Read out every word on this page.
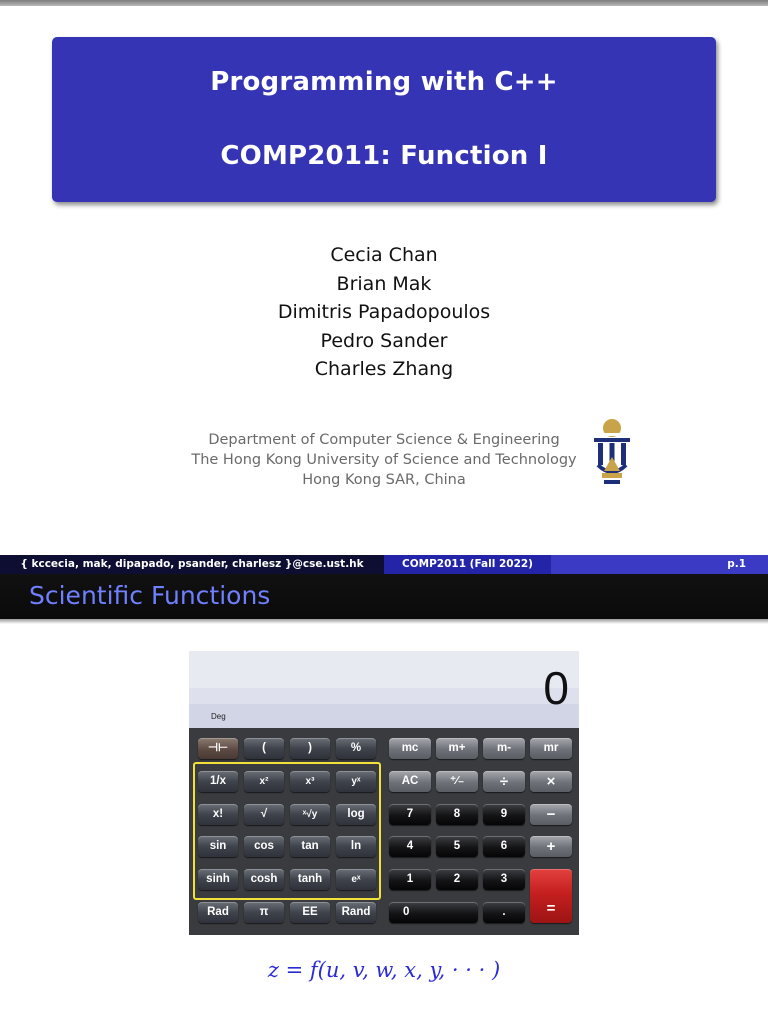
Programming with C++
COMP2011: Function I
Cecia Chan
Brian Mak
Dimitris Papadopoulos
Pedro Sander
Charles Zhang
Department of Computer Science & Engineering
The Hong Kong University of Science and Technology
Hong Kong SAR, China
{ kccecia, mak, dipapado, psander, charlesz }@cse.ust.hk	COMP2011 (Fall 2022)	p.1
Scientific Functions
0
Deg
⊣⊢	(	)	%	mc	m+	m-	mr
1/x	x²	x³	yˣ	AC	⁺∕₋	÷	×
x!	√	ˣ√y	log	7	8	9	−
sin	cos	tan	ln	4	5	6	+
sinh	cosh	tanh	eˣ	1	2	3
=
Rad	π	EE	Rand	0	.
z = f(u, v, w, x, y, · · · )
